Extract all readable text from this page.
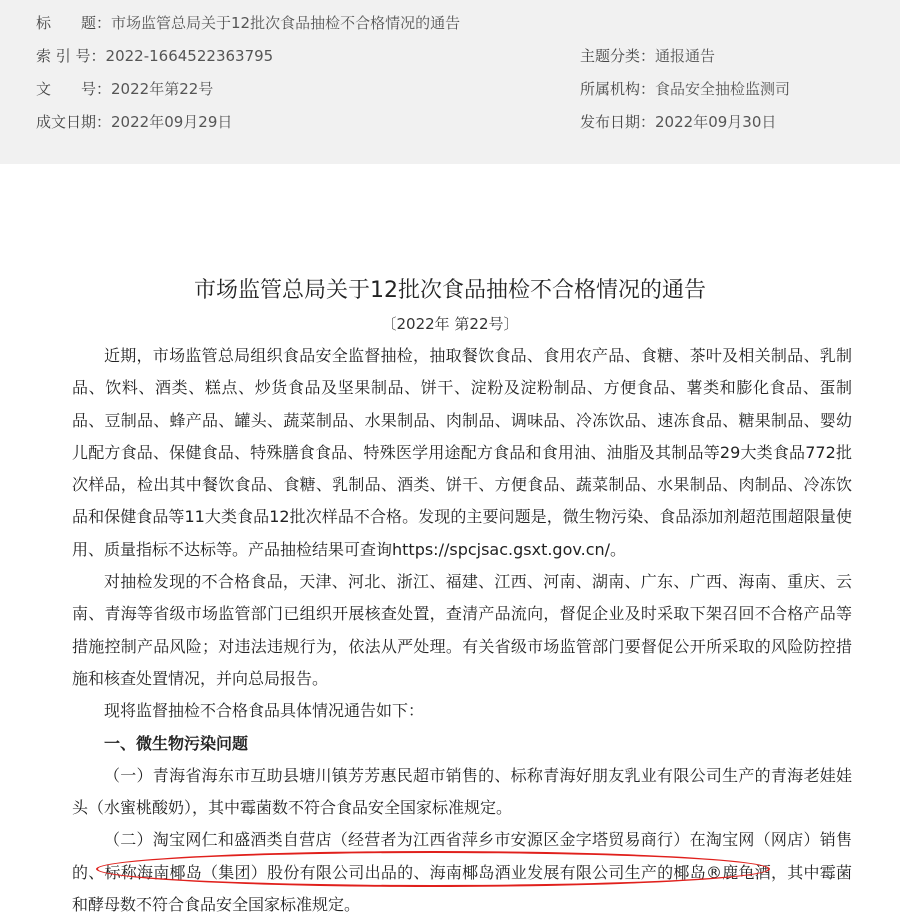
标　　题：市场监管总局关于12批次食品抽检不合格情况的通告
索 引 号：2022-1664522363795	主题分类：通报通告
文　　号：2022年第22号	所属机构：食品安全抽检监测司
成文日期：2022年09月29日	发布日期：2022年09月30日
市场监管总局关于12批次食品抽检不合格情况的通告
〔2022年 第22号〕

近期，市场监管总局组织食品安全监督抽检，抽取餐饮食品、食用农产品、食糖、茶叶及相关制品、乳制品、饮料、酒类、糕点、炒货食品及坚果制品、饼干、淀粉及淀粉制品、方便食品、薯类和膨化食品、蛋制品、豆制品、蜂产品、罐头、蔬菜制品、水果制品、肉制品、调味品、冷冻饮品、速冻食品、糖果制品、婴幼儿配方食品、保健食品、特殊膳食食品、特殊医学用途配方食品和食用油、油脂及其制品等29大类食品772批次样品，检出其中餐饮食品、食糖、乳制品、酒类、饼干、方便食品、蔬菜制品、水果制品、肉制品、冷冻饮品和保健食品等11大类食品12批次样品不合格。发现的主要问题是，微生物污染、食品添加剂超范围超限量使用、质量指标不达标等。产品抽检结果可查询https://spcjsac.gsxt.gov.cn/。

对抽检发现的不合格食品，天津、河北、浙江、福建、江西、河南、湖南、广东、广西、海南、重庆、云南、青海等省级市场监管部门已组织开展核查处置，查清产品流向，督促企业及时采取下架召回不合格产品等措施控制产品风险；对违法违规行为，依法从严处理。有关省级市场监管部门要督促公开所采取的风险防控措施和核查处置情况，并向总局报告。

现将监督抽检不合格食品具体情况通告如下：

一、微生物污染问题

（一）青海省海东市互助县塘川镇芳芳惠民超市销售的、标称青海好朋友乳业有限公司生产的青海老娃娃头（水蜜桃酸奶），其中霉菌数不符合食品安全国家标准规定。

（二）淘宝网仁和盛酒类自营店（经营者为江西省萍乡市安源区金字塔贸易商行）在淘宝网（网店）销售的、标称海南椰岛（集团）股份有限公司出品的、海南椰岛酒业发展有限公司生产的椰岛®鹿龟酒，其中霉菌和酵母数不符合食品安全国家标准规定。
